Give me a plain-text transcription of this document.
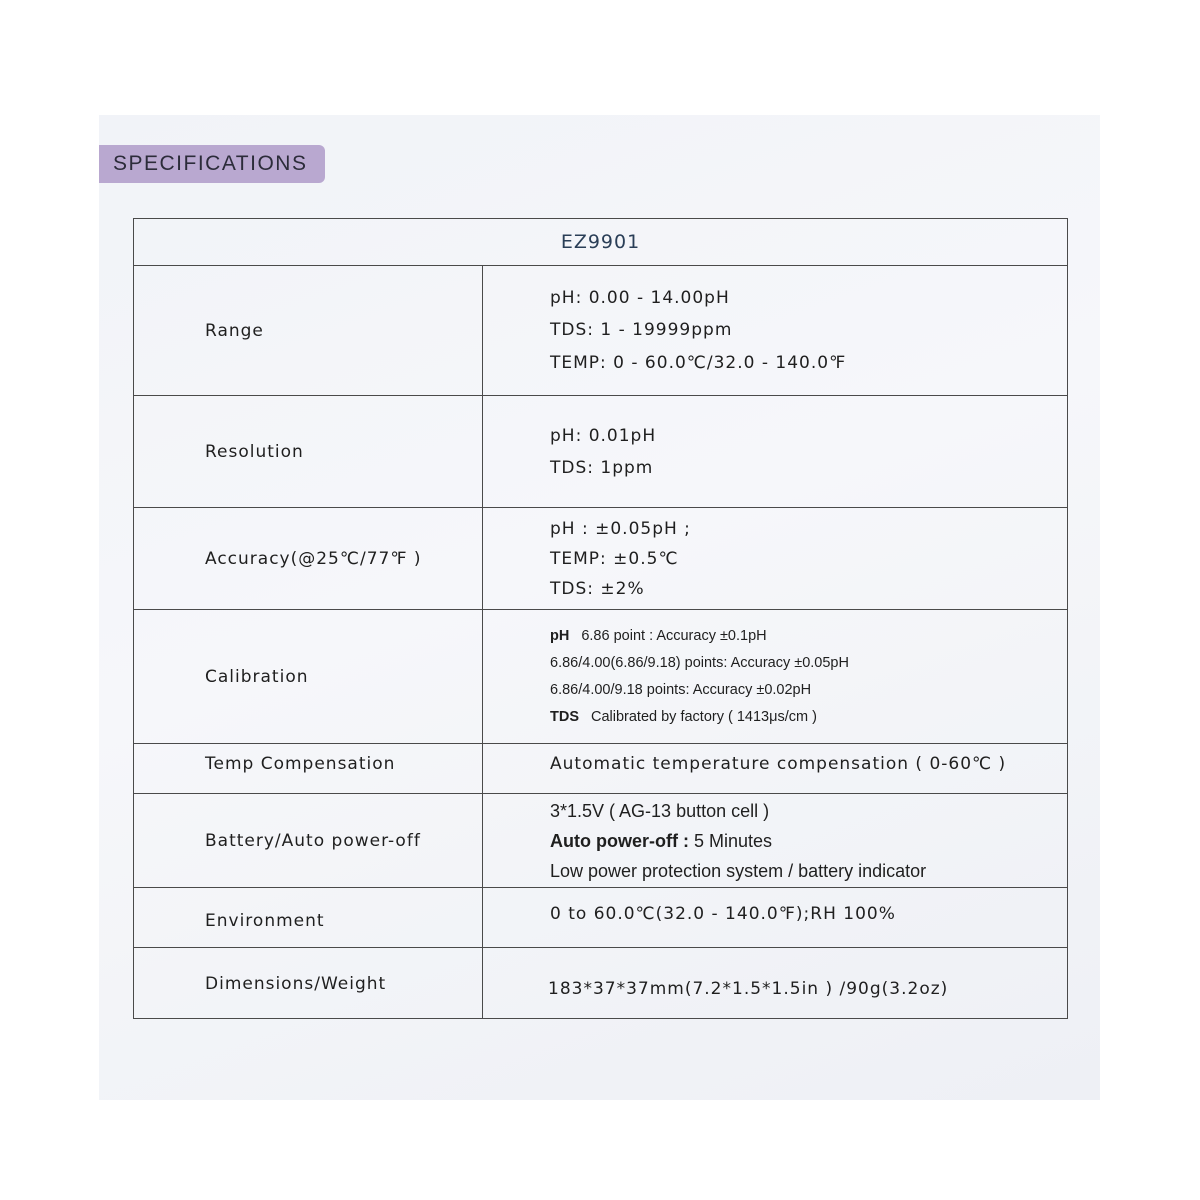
SPECIFICATIONS
EZ9901	
Range	pH: 0.00 - 14.00pH
TDS: 1 - 19999ppm
TEMP: 0 - 60.0℃/32.0 - 140.0℉

Resolution	pH: 0.01pH
TDS: 1ppm

Accuracy(@25℃/77℉ )	pH : ±0.05pH ;
TEMP: ±0.5℃
TDS: ±2%

Calibration	pH 6.86 point : Accuracy ±0.1pH
6.86/4.00(6.86/9.18) points: Accuracy ±0.05pH
6.86/4.00/9.18 points: Accuracy ±0.02pH
TDS Calibrated by factory ( 1413μs/cm )

Temp Compensation	Automatic temperature compensation ( 0-60℃ )
Battery/Auto power-off	3*1.5V ( AG-13 button cell )
Auto power-off : 5 Minutes
Low power protection system / battery indicator

Environment	0 to 60.0℃(32.0 - 140.0℉);RH 100%
Dimensions/Weight	183*37*37mm(7.2*1.5*1.5in ) /90g(3.2oz)
